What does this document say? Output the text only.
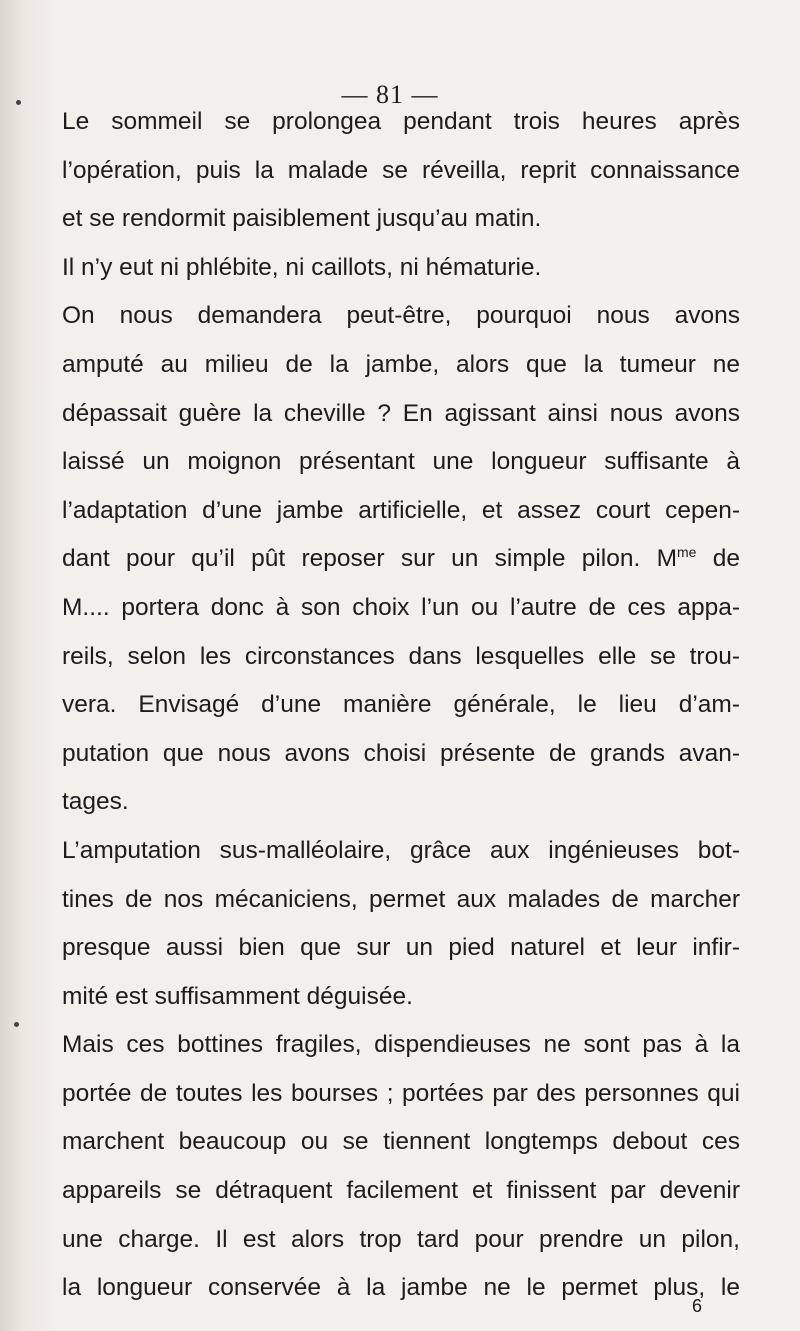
— 81 —
Le sommeil se prolongea pendant trois heures après
l’opération, puis la malade se réveilla, reprit connaissance
et se rendormit paisiblement jusqu’au matin.
Il n’y eut ni phlébite, ni caillots, ni hématurie.
On nous demandera peut-être, pourquoi nous avons
amputé au milieu de la jambe, alors que la tumeur ne
dépassait guère la cheville ? En agissant ainsi nous avons
laissé un moignon présentant une longueur suffisante à
l’adaptation d’une jambe artificielle, et assez court cepen-
dant pour qu’il pût reposer sur un simple pilon. $M^{me}$ de
M.... portera donc à son choix l’un ou l’autre de ces appa-
reils, selon les circonstances dans lesquelles elle se trou-
vera. Envisagé d’une manière générale, le lieu d’am-
putation que nous avons choisi présente de grands avan-
tages.
L’amputation sus-malléolaire, grâce aux ingénieuses bot-
tines de nos mécaniciens, permet aux malades de marcher
presque aussi bien que sur un pied naturel et leur infir-
mité est suffisamment déguisée.
Mais ces bottines fragiles, dispendieuses ne sont pas à la
portée de toutes les bourses ; portées par des personnes qui
marchent beaucoup ou se tiennent longtemps debout ces
appareils se détraquent facilement et finissent par devenir
une charge. Il est alors trop tard pour prendre un pilon,
la longueur conservée à la jambe ne le permet plus, le
6
